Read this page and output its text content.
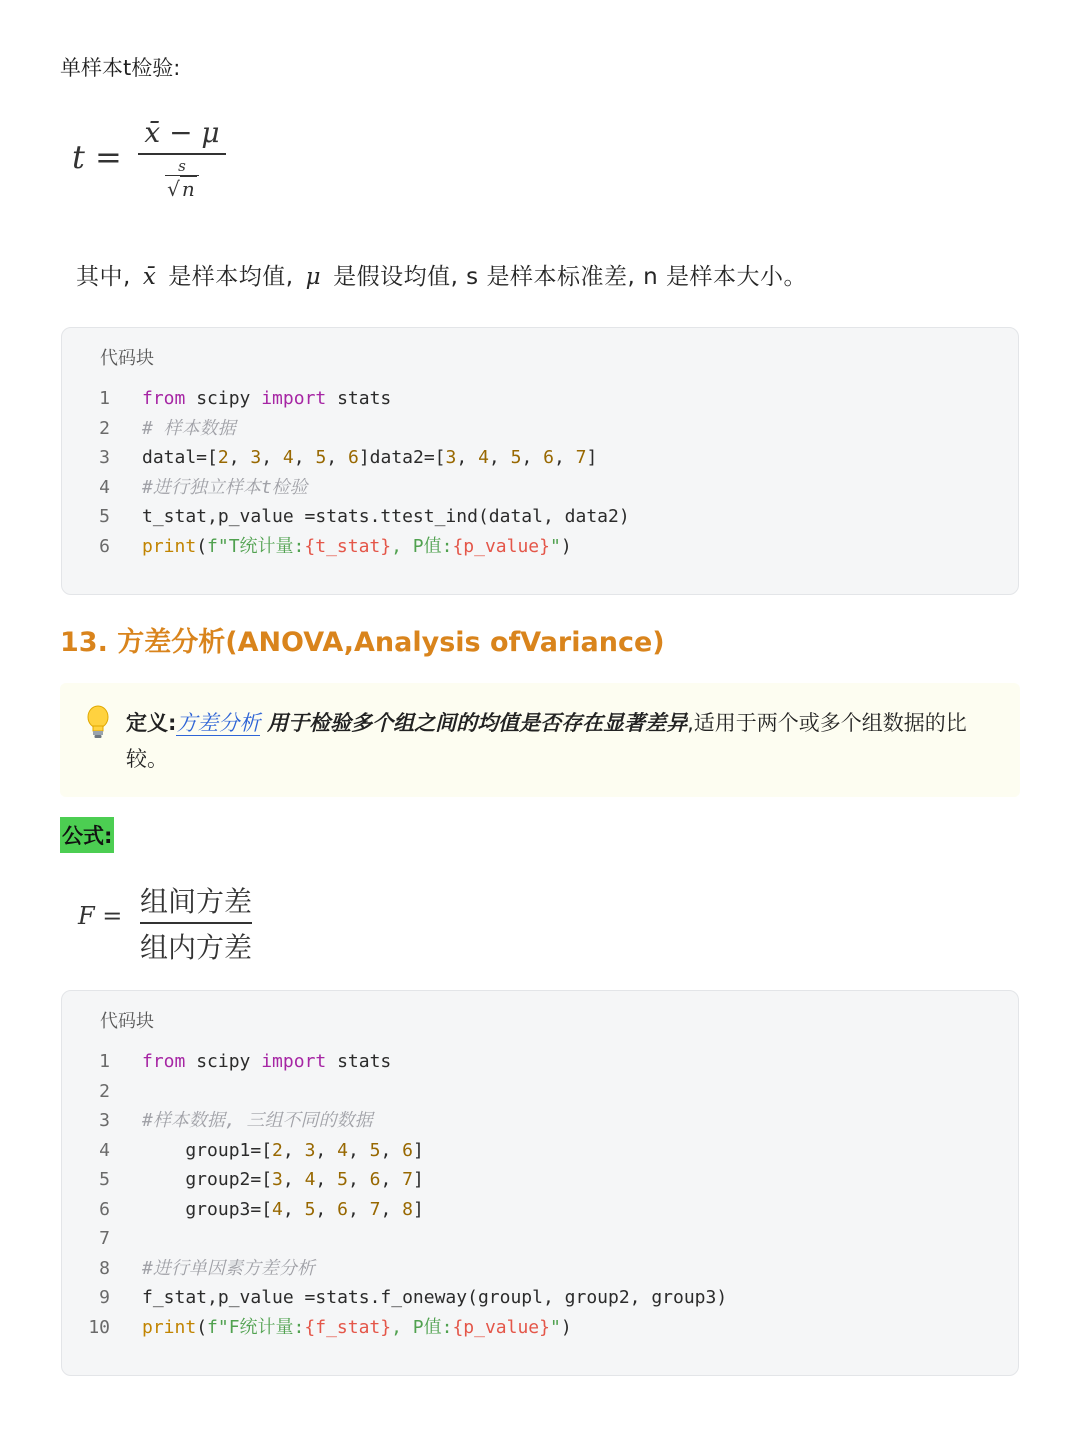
单样本t检验:
t =
x̄ − μ
s
√ n
其中, x̄ 是样本均值, μ 是假设均值, s 是样本标准差, n 是样本大小。
代码块
1 from scipy import stats
2 # 样本数据
3 datal=[2, 3, 4, 5, 6]data2=[3, 4, 5, 6, 7]
4 #进行独立样本t检验
5 t_stat,p_value =stats.ttest_ind(datal, data2)
6 print(f"T统计量:{t_stat}, P值:{p_value}")
13. 方差分析(ANOVA,Analysis ofVariance)
定义:方差分析 用于检验多个组之间的均值是否存在显著差异,适用于两个或多个组数据的比较。
公式:
F = 组间方差
组内方差
代码块
1 from scipy import stats
2
3 #样本数据, 三组不同的数据
4 group1=[2, 3, 4, 5, 6]
5 group2=[3, 4, 5, 6, 7]
6 group3=[4, 5, 6, 7, 8]
7
8 #进行单因素方差分析
9 f_stat,p_value =stats.f_oneway(groupl, group2, group3)
10 print(f"F统计量:{f_stat}, P值:{p_value}")
